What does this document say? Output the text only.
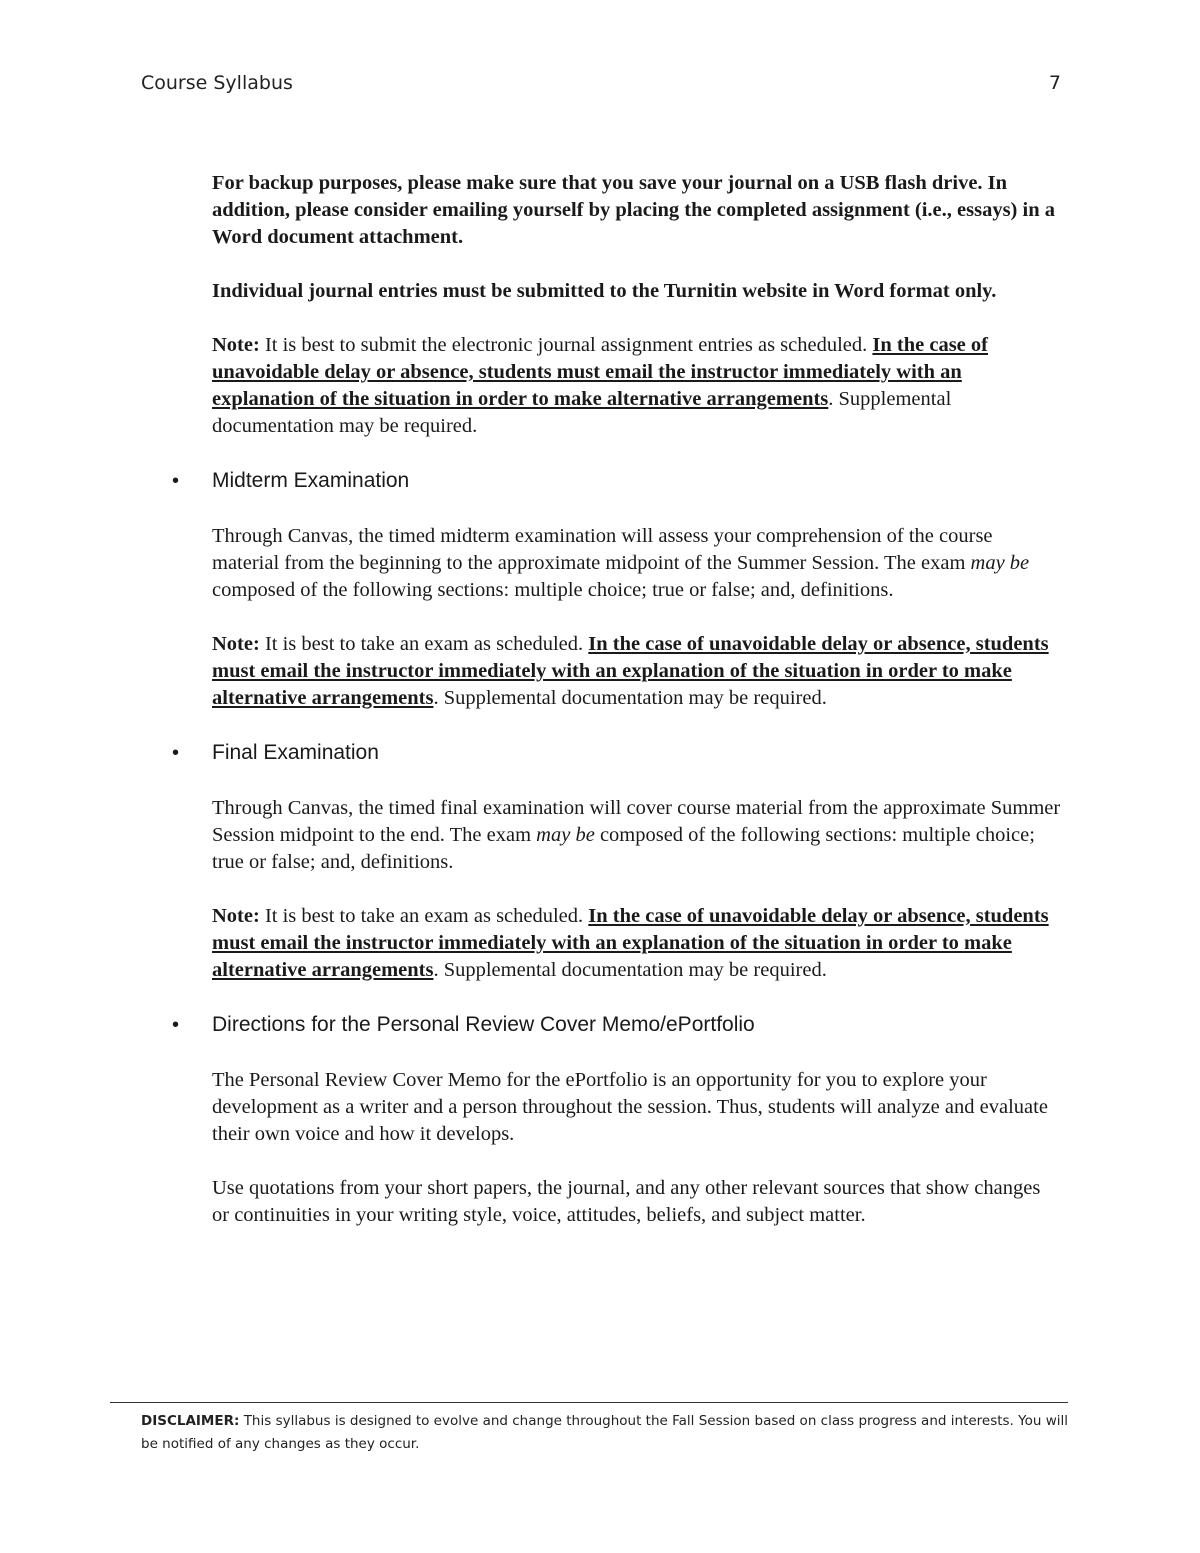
Course Syllabus	7

For backup purposes, please make sure that you save your journal on a USB flash drive. In addition, please consider emailing yourself by placing the completed assignment (i.e., essays) in a Word document attachment.

Individual journal entries must be submitted to the Turnitin website in Word format only.

Note: It is best to submit the electronic journal assignment entries as scheduled. In the case of unavoidable delay or absence, students must email the instructor immediately with an explanation of the situation in order to make alternative arrangements. Supplemental documentation may be required.

• Midterm Examination

Through Canvas, the timed midterm examination will assess your comprehension of the course material from the beginning to the approximate midpoint of the Summer Session. The exam may be composed of the following sections: multiple choice; true or false; and, definitions.

Note: It is best to take an exam as scheduled. In the case of unavoidable delay or absence, students must email the instructor immediately with an explanation of the situation in order to make alternative arrangements. Supplemental documentation may be required.

• Final Examination

Through Canvas, the timed final examination will cover course material from the approximate Summer Session midpoint to the end. The exam may be composed of the following sections: multiple choice; true or false; and, definitions.

Note: It is best to take an exam as scheduled. In the case of unavoidable delay or absence, students must email the instructor immediately with an explanation of the situation in order to make alternative arrangements. Supplemental documentation may be required.

• Directions for the Personal Review Cover Memo/ePortfolio

The Personal Review Cover Memo for the ePortfolio is an opportunity for you to explore your development as a writer and a person throughout the session. Thus, students will analyze and evaluate their own voice and how it develops.

Use quotations from your short papers, the journal, and any other relevant sources that show changes or continuities in your writing style, voice, attitudes, beliefs, and subject matter.

DISCLAIMER: This syllabus is designed to evolve and change throughout the Fall Session based on class progress and interests. You will be notified of any changes as they occur.
